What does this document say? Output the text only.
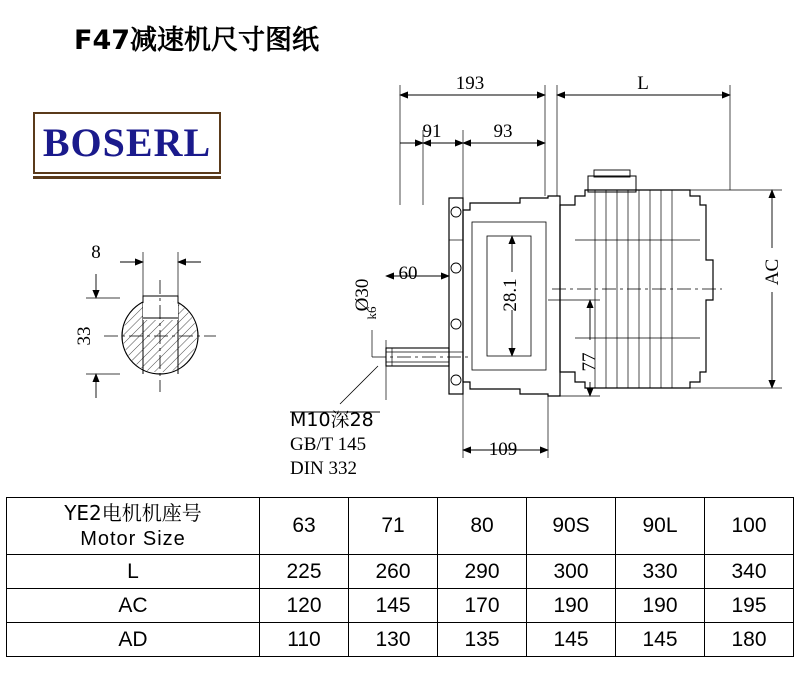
F47减速机尺寸图纸
BOSERL
193	L
91	93
60
109
8
33
AC
28.1
77
Ø30
k6
M10深28
GB/T 145
DIN 332
YE2电机机座号
Motor Size	63	71	80	90S	90L	100
L	225	260	290	300	330	340
AC	120	145	170	190	190	195
AD	110	130	135	145	145	180
